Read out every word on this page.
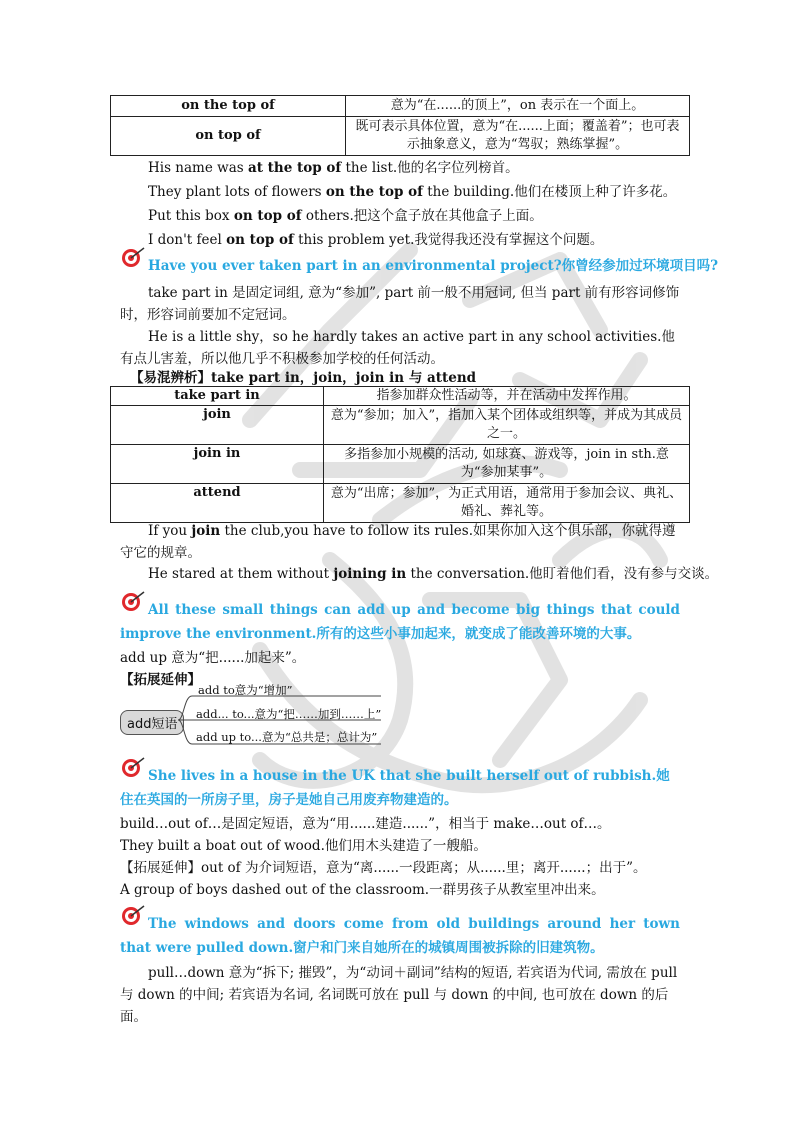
on the top of	意为“在......的顶上”，on 表示在一个面上。
on top of	既可表示具体位置，意为“在......上面；覆盖着”；也可表示抽象意义，意为“驾驭；熟练掌握”。
His name was at the top of the list.他的名字位列榜首。
They plant lots of flowers on the top of the building.他们在楼顶上种了许多花。
Put this box on top of others.把这个盒子放在其他盒子上面。
I don't feel on top of this problem yet.我觉得我还没有掌握这个问题。
Have you ever taken part in an environmental project?你曾经参加过环境项目吗?
take part in 是固定词组, 意为“参加”, part 前一般不用冠词, 但当 part 前有形容词修饰时，形容词前要加不定冠词。
He is a little shy，so he hardly takes an active part in any school activities.他有点儿害羞，所以他几乎不积极参加学校的任何活动。
【易混辨析】take part in，join，join in 与 attend
take part in	指参加群众性活动等，并在活动中发挥作用。
join	意为“参加；加入”，指加入某个团体或组织等，并成为其成员之一。
join in	多指参加小规模的活动, 如球赛、游戏等，join in sth.意为“参加某事”。
attend	意为“出席；参加”，为正式用语，通常用于参加会议、典礼、婚礼、葬礼等。
If you join the club,you have to follow its rules.如果你加入这个俱乐部，你就得遵守它的规章。
He stared at them without joining in the conversation.他盯着他们看，没有参与交谈。
All these small things can add up and become big things that could improve the environment.所有的这些小事加起来，就变成了能改善环境的大事。
add up 意为“把......加起来”。
【拓展延伸】
add短语
add to意为“增加”
add... to...意为“把……加到……上”
add up to...意为“总共是；总计为”
She lives in a house in the UK that she built herself out of rubbish.她住在英国的一所房子里，房子是她自己用废弃物建造的。
build…out of…是固定短语，意为“用......建造......”，相当于 make…out of…。
They built a boat out of wood.他们用木头建造了一艘船。
【拓展延伸】out of 为介词短语，意为“离......一段距离；从......里；离开......；出于”。
A group of boys dashed out of the classroom.一群男孩子从教室里冲出来。
The windows and doors come from old buildings around her town that were pulled down.窗户和门来自她所在的城镇周围被拆除的旧建筑物。
pull…down 意为“拆下; 摧毁”，为“动词＋副词”结构的短语, 若宾语为代词, 需放在 pull 与 down 的中间; 若宾语为名词, 名词既可放在 pull 与 down 的中间, 也可放在 down 的后面。
